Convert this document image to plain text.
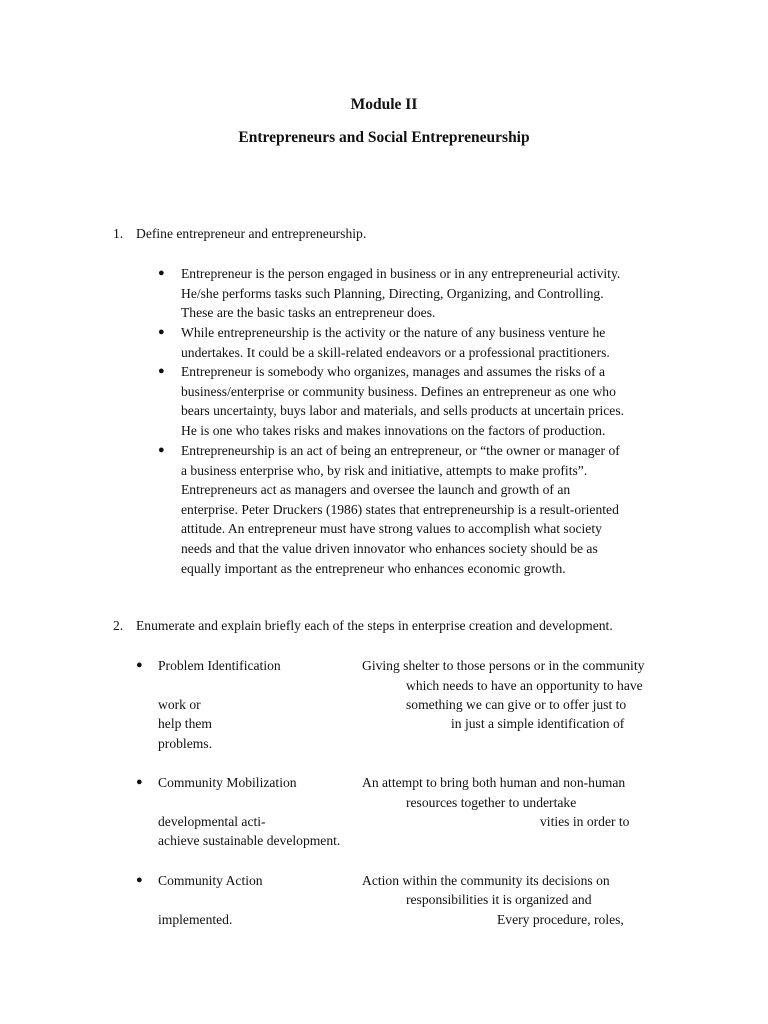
Module II
Entrepreneurs and Social Entrepreneurship
1. Define entrepreneur and entrepreneurship.
● Entrepreneur is the person engaged in business or in any entrepreneurial activity.
He/she performs tasks such Planning, Directing, Organizing, and Controlling.
These are the basic tasks an entrepreneur does.
● While entrepreneurship is the activity or the nature of any business venture he
undertakes. It could be a skill-related endeavors or a professional practitioners.
● Entrepreneur is somebody who organizes, manages and assumes the risks of a
business/enterprise or community business. Defines an entrepreneur as one who
bears uncertainty, buys labor and materials, and sells products at uncertain prices.
He is one who takes risks and makes innovations on the factors of production.
● Entrepreneurship is an act of being an entrepreneur, or “the owner or manager of
a business enterprise who, by risk and initiative, attempts to make profits”.
Entrepreneurs act as managers and oversee the launch and growth of an
enterprise. Peter Druckers (1986) states that entrepreneurship is a result-oriented
attitude. An entrepreneur must have strong values to accomplish what society
needs and that the value driven innovator who enhances society should be as
equally important as the entrepreneur who enhances economic growth.
2. Enumerate and explain briefly each of the steps in enterprise creation and development.
● Problem Identification	Giving shelter to those persons or in the community
which needs to have an opportunity to have
work or	something we can give or to offer just to
help them	in just a simple identification of
problems.
● Community Mobilization	An attempt to bring both human and non-human
resources together to undertake
developmental acti-	vities in order to
achieve sustainable development.
● Community Action	Action within the community its decisions on
responsibilities it is organized and
implemented.	Every procedure, roles,
